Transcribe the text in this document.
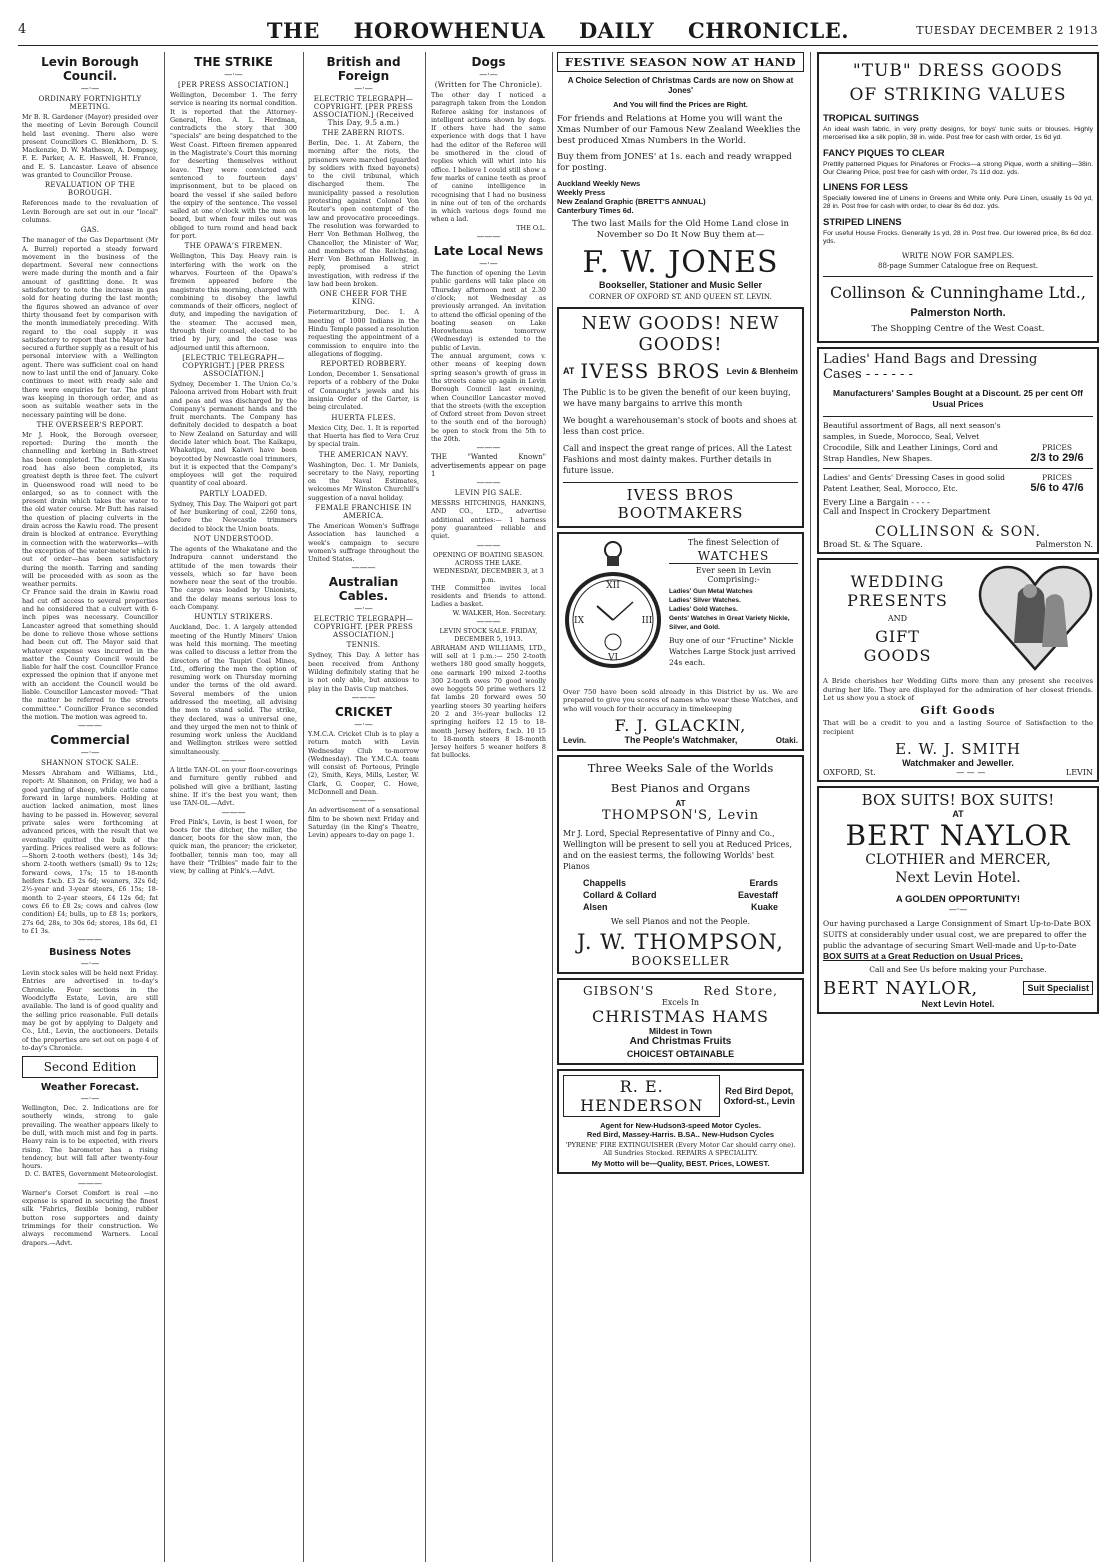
4	THE HOROWHENUA DAILY CHRONICLE.	TUESDAY DECEMBER 2 1913
Levin Borough Council.
—·—
ORDINARY FORTNIGHTLY MEETING.

Mr B. R. Gardener (Mayor) presided over the meeting of Levin Borough Council held last evening. There also were present Councillors C. Blenkhorn, D. S. Mackenzie, D. W. Matheson, A. Dempsey, F. E. Parker, A. E. Haswell, H. France, and E. S. Lancaster. Leave of absence was granted to Councillor Prouse.

REVALUATION OF THE BOROUGH.

References made to the revaluation of Levin Borough are set out in our "local" columns.

GAS.

The manager of the Gas Department (Mr A. Burrel) reported a steady forward movement in the business of the department. Several new connections were made during the month and a fair amount of gasfitting done. It was satisfactory to note the increase in gas sold for heating during the last month; the figures showed an advance of over thirty thousand feet by comparison with the month immediately preceding. With regard to the coal supply it was satisfactory to report that the Mayor had secured a further supply as a result of his personal interview with a Wellington agent. There was sufficient coal on hand now to last until the end of January. Coke continues to meet with ready sale and there were enquiries for tar. The plant was keeping in thorough order, and as soon as suitable weather sets in the necessary painting will be done.

THE OVERSEER'S REPORT.

Mr J. Hook, the Borough overseer, reported: During the month the channelling and kerbing in Bath-street has been completed. The drain in Kawiu road has also been completed, its greatest depth is three feet. The culvert in Queenswood road will need to be enlarged, so as to connect with the present drain which takes the water to the old water course. Mr Butt has raised the question of placing culverts in the drain across the Kawiu road. The present drain is blocked at entrance. Everything in connection with the waterworks—with the exception of the water-meter which is out of order—has been satisfactory during the month. Tarring and sanding will be proceeded with as soon as the weather permits.

Cr France said the drain in Kawiu road had cut off access to several properties and he considered that a culvert with 6-inch pipes was necessary. Councillor Lancaster agreed that something should be done to relieve those whose settions had been cut off. The Mayor said that whatever expense was incurred in the matter the County Council would be liable for half the cost. Councillor France expressed the opinion that if anyone met with an accident the Council would be liable. Councillor Lancaster moved: "That the matter be referred to the streets committee." Councillor France seconded the motion. The motion was agreed to.

———
Commercial
—·—
SHANNON STOCK SALE.

Messrs Abraham and Williams, Ltd., report: At Shannon, on Friday, we had a good yarding of sheep, while cattle came forward in large numbers. Holding at auction lacked animation, most lines having to be passed in. However, several private sales were forthcoming at advanced prices, with the result that we eventually quitted the bulk of the yarding. Prices realised were as follows:—Shorn 2-tooth wethers (best), 14s 3d; shorn 2-tooth wethers (small) 9s to 12s; forward cows, 17s; 15 to 18-month heifers f.w.b. £3 2s 6d; weaners, 32s 6d; 2½-year and 3-year steers, £6 15s; 18-month to 2-year steers, £4 12s 6d; fat cows £6 to £8 2s; cows and calves (low condition) £4; bulls, up to £8 1s; porkers, 27s 6d, 28s, to 30s 6d; stores, 18s 6d, £1 to £1 3s.

———
Business Notes
—·—

Levin stock sales will be held next Friday. Entries are advertised in to-day's Chronicle. Four sections in the Woodclyffe Estate, Levin, are still available. The land is of good quality and the selling price reasonable. Full details may be got by applying to Dalgety and Co., Ltd., Levin, the auctioneers. Details of the properties are set out on page 4 of to-day's Chronicle.

Second Edition
Weather Forecast.
—·—

Wellington, Dec. 2. Indications are for southerly winds, strong to gale prevailing. The weather appears likely to be dull, with much mist and fog in parts. Heavy rain is to be expected, with rivers rising. The barometer has a rising tendency, but will fall after twenty-four hours.

D. C. BATES, Government Meteorologist.

———

Warner's Corset Comfort is real —no expense is spared in securing the finest silk "Fabrics, flexible boning, rubber button rose supporters and dainty trimmings for their construction. We always recommend Warners. Local drapers.—Advt.

THE STRIKE
—·—
[PER PRESS ASSOCIATION.]

Wellington, December 1. The ferry service is nearing its normal condition. It is reported that the Attorney-General, Hon. A. L. Herdman, contradicts the story that 300 "specials" are being despatched to the West Coast. Fifteen firemen appeared in the Magistrate's Court this morning for deserting themselves without leave. They were convicted and sentenced to fourteen days' imprisonment, but to be placed on board the vessel if she sailed before the expiry of the sentence. The vessel sailed at one o'clock with the men on board, but when four miles out was obliged to turn round and head back for port.

THE OPAWA'S FIREMEN.

Wellington, This Day. Heavy rain is interfering with the work on the wharves. Fourteen of the Opawa's firemen appeared before the magistrate this morning, charged with combining to disobey the lawful commands of their officers, neglect of duty, and impeding the navigation of the steamer. The accused men, through their counsel, elected to be tried by jury, and the case was adjourned until this afternoon.

[ELECTRIC TELEGRAPH—COPYRIGHT.] [PER PRESS ASSOCIATION.]

Sydney, December 1. The Union Co.'s Paloona arrived from Hobart with fruit and peas and was discharged by the Company's permanent hands and the fruit merchants. The Company has definitely decided to despatch a boat to New Zealand on Saturday and will decide later which boat. The Kaikapu, Whakatipu, and Kaiwri have been boycotted by Newcastle coal trimmers, but it is expected that the Company's employees will get the required quantity of coal aboard.

PARTLY LOADED.

Sydney, This Day. The Waipori got part of her bunkering of coal, 2260 tons, before the Newcastle trimmers decided to block the Union boats.

NOT UNDERSTOOD.

The agents of the Whakatane and the Indrapura cannot understand the attitude of the men towards their vessels, which so far have been nowhere near the seat of the trouble. The cargo was loaded by Unionists, and the delay means serious loss to each Company.

HUNTLY STRIKERS.

Auckland, Dec. 1. A largely attended meeting of the Huntly Miners' Union was held this morning. The meeting was called to discuss a letter from the directors of the Taupiri Coal Mines, Ltd., offering the men the option of resuming work on Thursday morning under the terms of the old award. Several members of the union addressed the meeting, all advising the men to stand solid. The strike, they declared, was a universal one, and they urged the men not to think of resuming work unless the Auckland and Wellington strikes were settled simultaneously.

———

A little TAN-OL on your floor-coverings and furniture gently rubbed and polished will give a brilliant, lasting shine. If it's the best you want, then use TAN-OL.—Advt.

———

Fred Pink's, Levin, is best I ween, for boots for the ditcher, the miller, the dancer, boots for the slow man, the quick man, the prancer; the cricketer, footballer, tennis man too, may all have their "Trilbies" made fair to the view, by calling at Pink's.—Advt.

British and Foreign
—·—
ELECTRIC TELEGRAPH—COPYRIGHT. [PER PRESS ASSOCIATION.] (Received This Day, 9.5 a.m.)
THE ZABERN RIOTS.

Berlin, Dec. 1. At Zabern, the morning after the riots, the prisoners were marched (guarded by soldiers with fixed bayonets) to the civil tribunal, which discharged them. The municipality passed a resolution protesting against Colonel Von Reuter's open contempt of the law and provocative proceedings. The resolution was forwarded to Herr Von Bethman Hollweg, the Chancellor, the Minister of War, and members of the Reichstag. Herr Von Bethman Hollweg, in reply, promised a strict investigation, with redress if the law had been broken.

ONE CHEER FOR THE KING.

Pietermaritzburg, Dec. 1. A meeting of 1000 Indians in the Hindu Temple passed a resolution requesting the appointment of a commission to enquire into the allegations of flogging.

REPORTED ROBBERY.

London, December 1. Sensational reports of a robbery of the Duke of Connaught's jewels and his insignia Order of the Garter, is being circulated.

HUERTA FLEES.

Mexico City, Dec. 1. It is reported that Huerta has fled to Vera Cruz by special train.

THE AMERICAN NAVY.

Washington, Dec. 1. Mr Daniels, secretary to the Navy, reporting on the Naval Estimates, welcomes Mr Winston Churchill's suggestion of a naval holiday.

FEMALE FRANCHISE IN AMERICA.

The American Women's Suffrage Association has launched a week's campaign to secure women's suffrage throughout the United States.

———
Australian Cables.
—·—
ELECTRIC TELEGRAPH—COPYRIGHT. [PER PRESS ASSOCIATION.]
TENNIS.

Sydney, This Day. A letter has been received from Anthony Wilding definitely stating that he is not only able, but anxious to play in the Davis Cup matches.

———
CRICKET
—·—

Y.M.C.A. Cricket Club is to play a return match with Levin Wednesday Club to-morrow (Wednesday). The Y.M.C.A. team will consist of: Porteous, Pringle (2), Smith, Keys, Mills, Lester, W. Clark, G. Cooper, C. Howe, McDonnell and Dean.

———

An advertisement of a sensational film to be shown next Friday and Saturday (in the King's Theatre, Levin) appears to-day on page 1.

Dogs
—·—
(Written for The Chronicle).

The other day I noticed a paragraph taken from the London Referee asking for instances of intelligent actions shown by dogs. If others have had the same experience with dogs that I have had the editor of the Referee will be smothered in the cloud of replies which will whirl into his office. I believe I could still show a few marks of canine teeth as proof of canine intelligence in recognising that I had no business in nine out of ten of the orchards in which various dogs found me when a lad.

THE O.L.

———
Late Local News
—·—

The function of opening the Levin public gardens will take place on Thursday afternoon next at 2.30 o'clock; not Wednesday as previously arranged. An invitation to attend the official opening of the boating season on Lake Horowhenua tomorrow (Wednesday) is extended to the public of Levin.

The annual argument, cows v. other means of keeping down spring season's growth of grass in the streets came up again in Levin Borough Council last evening, when Councillor Lancaster moved that the streets (with the exception of Oxford street from Devon street to the south end of the borough) be open to stock from the 5th to the 20th.

———

THE "Wanted Known" advertisements appear on page 1

———
LEVIN PIG SALE.

MESSRS HITCHINGS, HANKINS, AND CO., LTD., advertise additional entries:— 1 harness pony guaranteed reliable and quiet.

———

OPENING OF BOATING SEASON. ACROSS THE LAKE. WEDNESDAY, DECEMBER 3, at 3 p.m.

THE Committee invites local residents and friends to attend. Ladies a basket.

W. WALKER, Hon. Secretary.

———

LEVIN STOCK SALE. FRIDAY, DECEMBER 5, 1913.

ABRAHAM AND WILLIAMS, LTD., will sell at 1 p.m.:— 250 2-tooth wethers 180 good smally hoggets, one earmark 190 mixed 2-tooths 300 2-tooth ewes 70 good woolly ewe hoggets 50 prime wethers 12 fat lambs 20 forward ewes 50 yearling steers 30 yearling heifers 20 2 and 3½-year bullocks 12 springing heifers 12 15 to 18-month Jersey heifers, f.w.b. 10 15 to 18-month steers 8 18-month Jersey heifers 5 weaner heifers 8 fat bullocks.

FESTIVE SEASON NOW AT HAND

A Choice Selection of Christmas Cards are now on Show at Jones'

And You will find the Prices are Right.

For friends and Relations at Home you will want the Xmas Number of our Famous New Zealand Weeklies the best produced Xmas Numbers in the World.

Buy them from JONES' at 1s. each and ready wrapped for posting.

Auckland Weekly News
Weekly Press
New Zealand Graphic (BRETT'S ANNUAL)
Canterbury Times 6d.

The two last Mails for the Old Home Land close in November so Do It Now Buy them at—

F. W. JONES
Bookseller, Stationer and Music Seller
CORNER OF OXFORD ST. AND QUEEN ST. LEVIN.
NEW GOODS! NEW GOODS!
AT IVESS BROS Levin & Blenheim

The Public is to be given the benefit of our keen buying, we have many bargains to arrive this month

We bought a warehouseman's stock of boots and shoes at less than cost price.

Call and inspect the great range of prices. All the Latest Fashions and most dainty makes. Further details in future issue.

IVESS BROS BOOTMAKERS
XII
VI
IX	III
The finest Selection of
WATCHES
Ever seen in Levin Comprising:-
Ladies' Gun Metal Watches
Ladies' Silver Watches.
Ladies' Gold Watches.
Gents' Watches in Great Variety Nickle, Silver, and Gold.

Buy one of our "Fructine" Nickle Watches Large Stock just arrived 24s each.

Over 750 have been sold already in this District by us. We are prepared to give you scores of names who wear these Watches, and who will vouch for their accuracy in timekeeping

F. J. GLACKIN,
Levin.	The People's Watchmaker,	Otaki.
Three Weeks Sale of the Worlds
Best Pianos and Organs
AT
THOMPSON'S, Levin

Mr J. Lord, Special Representative of Pinny and Co., Wellington will be present to sell you at Reduced Prices, and on the easiest terms, the following Worlds' best Pianos

Chappells	Erards
Collard & Collard	Eavestaff
Alsen	Kuake
We sell Pianos and not the People.
J. W. THOMPSON,
BOOKSELLER
GIBSON'S	Red Store,
Excels In
CHRISTMAS HAMS
Mildest in Town
And Christmas Fruits
CHOICEST OBTAINABLE
R. E. HENDERSON
Red Bird Depot, Oxford-st., Levin
Agent for New-Hudson3-speed Motor Cycles.
Red Bird, Massey-Harris. B.SA.. New-Hudson Cycles
'PYRENE' FIRE EXTINGUISHER (Every Motor Car should carry one). All Sundries Stocked. REPAIRS A SPECIALITY.
My Motto will be—Quality, BEST. Prices, LOWEST.
"TUB" DRESS GOODS
OF STRIKING VALUES
TROPICAL SUITINGS

An ideal wash fabric, in very pretty designs, for boys' tunic suits or blouses. Highly mercerised like a silk poplin, 38 in. wide. Post free for cash with order, 1s 6d yd.

FANCY PIQUES TO CLEAR

Prettily patterned Piques for Pinafores or Frocks—a strong Pique, worth a shilling—38in. Our Clearing Price, post free for cash with order, 7s 11d doz. yds.

LINENS FOR LESS

Specially lowered line of Linens in Greens and White only. Pure Linen, usually 1s 9d yd, 28 in. Post free for cash with order, to clear 8s 6d doz. yds.

STRIPED LINENS

For useful House Frocks. Generally 1s yd, 28 in. Post free. Our lowered price, 8s 6d doz. yds.

WRITE NOW FOR SAMPLES.
88-page Summer Catalogue free on Request.
Collinson & Cunninghame Ltd.,
Palmerston North.
The Shopping Centre of the West Coast.
Ladies' Hand Bags and Dressing
Cases - - - - - -
Manufacturers' Samples Bought at a Discount. 25 per cent Off Usual Prices

Beautiful assortment of Bags, all next season's samples, in Suede, Morocco, Seal, Velvet Crocodile, Silk and Leather Linings, Cord and Strap Handles, New Shapes.

PRICES
2/3 to 29/6

Ladies' and Gents' Dressing Cases in good solid Patent Leather, Seal, Morocco, Etc.

PRICES
5/6 to 47/6
Every Line a Bargain - - - -
Call and Inspect in Crockery Department
COLLINSON & SON.
Broad St. & The Square.	Palmerston N.
WEDDING
PRESENTS
AND
GIFT
GOODS

A Bride cherishes her Wedding Gifts more than any present she receives during her life. They are displayed for the admiration of her closest friends. Let us show you a stock of

Gift Goods

That will be a credit to you and a lasting Source of Satisfaction to the recipient

E. W. J. SMITH
Watchmaker and Jeweller.
OXFORD, St.	— — —	LEVIN
BOX SUITS! BOX SUITS!
AT
BERT NAYLOR
CLOTHIER and MERCER,
Next Levin Hotel.
A GOLDEN OPPORTUNITY!
—·—

Our having purchased a Large Consignment of Smart Up-to-Date BOX SUITS at considerably under usual cost, we are prepared to offer the public the advantage of securing Smart Well-made and Up-to-Date

BOX SUITS at a Great Reduction on Usual Prices.
Call and See Us before making your Purchase.
BERT NAYLOR,	Suit Specialist
Next Levin Hotel.
